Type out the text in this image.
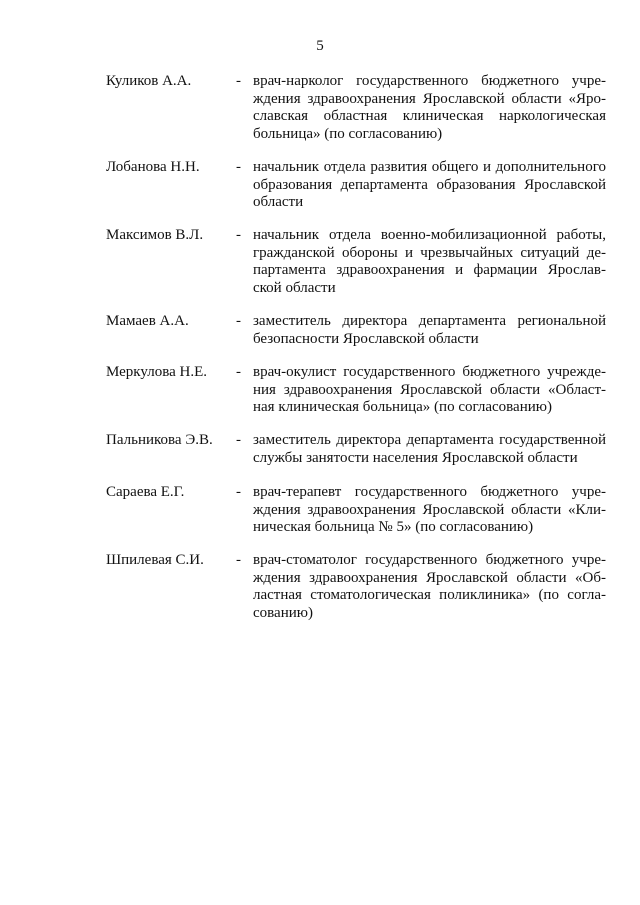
5
Куликов А.А.	- врач-нарколог государственного бюджетного учре-
ждения здравоохранения Ярославской области «Яро-
славская областная клиническая наркологическая
больница» (по согласованию)
Лобанова Н.Н. - начальник отдела развития общего и дополнительного
образования департамента образования Ярославской
области
Максимов В.Л. - начальник отдела военно-мобилизационной работы,
гражданской обороны и чрезвычайных ситуаций де-
партамента здравоохранения и фармации Ярослав-
ской области
Мамаев А.А.	- заместитель директора департамента региональной
безопасности Ярославской области
Меркулова Н.Е. - врач-окулист государственного бюджетного учрежде-
ния здравоохранения Ярославской области «Област-
ная клиническая больница» (по согласованию)
Пальникова Э.В. - заместитель директора департамента государственной
службы занятости населения Ярославской области
Сараева Е.Г.	- врач-терапевт государственного бюджетного учре-
ждения здравоохранения Ярославской области «Кли-
ническая больница № 5» (по согласованию)
Шпилевая С.И. - врач-стоматолог государственного бюджетного учре-
ждения здравоохранения Ярославской области «Об-
ластная стоматологическая поликлиника» (по согла-
сованию)
